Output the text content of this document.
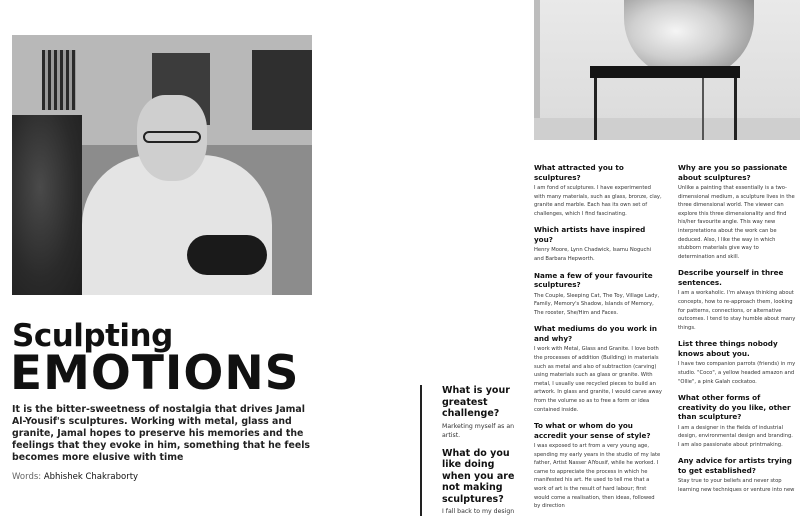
Sculpting
EMOTIONS
It is the bitter-sweetness of nostalgia that drives Jamal Al-Yousif's sculptures. Working with metal, glass and granite, Jamal hopes to preserve his memories and the feelings that they evoke in him, something that he feels becomes more elusive with time
Words: Abhishek Chakraborty
What is your greatest challenge?
Marketing myself as an artist.
What do you like doing when you are not making sculptures?
I fall back to my design
What attracted you to sculptures?
I am fond of sculptures. I have experimented with many materials, such as glass, bronze, clay, granite and marble. Each has its own set of challenges, which I find fascinating.
Which artists have inspired you?
Henry Moore, Lynn Chadwick, Isamu Noguchi and Barbara Hepworth.
Name a few of your favourite sculptures?
The Couple, Sleeping Cat, The Toy, Village Lady, Family, Memory's Shadow, Islands of Memory, The rooster, She/Him and Faces.
What mediums do you work in and why?
I work with Metal, Glass and Granite. I love both the processes of addition (Building) in materials such as metal and also of subtraction (carving) using materials such as glass or granite. With metal, I usually use recycled pieces to build an artwork. In glass and granite, I would carve away from the volume so as to free a form or idea contained inside.
To what or whom do you accredit your sense of style?
I was exposed to art from a very young age, spending my early years in the studio of my late father, Artist Nasser AlYousif, while he worked. I came to appreciate the process in which he manifested his art. He used to tell me that a work of art is the result of hard labour; first would come a realisation, then ideas, followed by direction
Why are you so passionate about sculptures?
Unlike a painting that essentially is a two-dimensional medium, a sculpture lives in the three dimensional world. The viewer can explore this three dimensionality and find his/her favourite angle. This way new interpretations about the work can be deduced. Also, I like the way in which stubborn materials give way to determination and skill.
Describe yourself in three sentences.
I am a workaholic. I'm always thinking about concepts, how to re-approach them, looking for patterns, connections, or alternative outcomes. I tend to stay humble about many things.
List three things nobody knows about you.
I have two companion parrots (friends) in my studio. "Coco", a yellow headed amazon and "Ollie", a pink Galah cockatoo.
What other forms of creativity do you like, other than sculpture?
I am a designer in the fields of industrial design, environmental design and branding. I am also passionate about printmaking.
Any advice for artists trying to get established?
Stay true to your beliefs and never stop learning new techniques or venture into new
